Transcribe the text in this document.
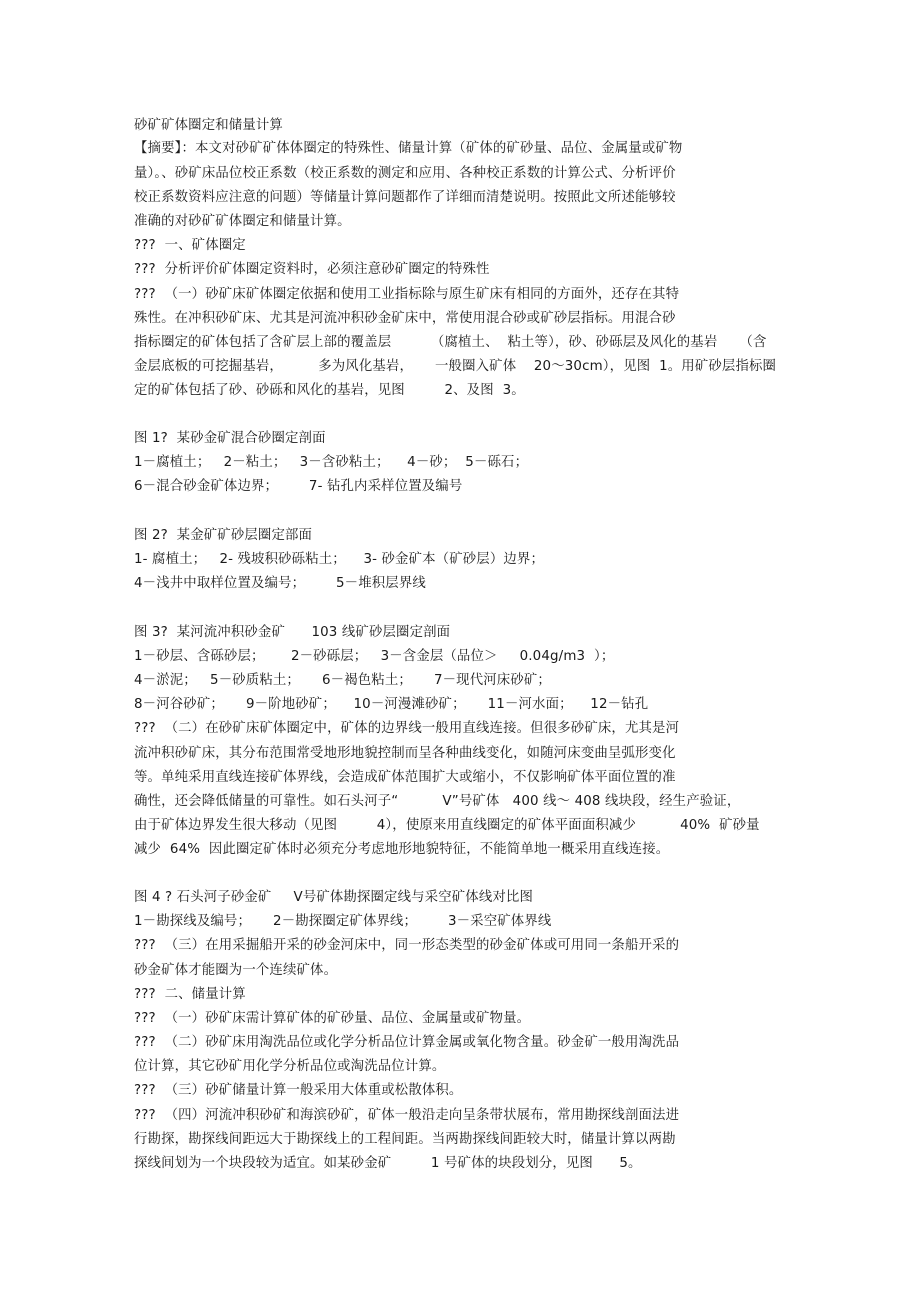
砂矿矿体圈定和储量计算
【摘要】：本文对砂矿矿体体圈定的特殊性、储量计算（矿体的矿砂量、品位、金属量或矿物
量）。、砂矿床品位校正系数（校正系数的测定和应用、各种校正系数的计算公式、分析评价
校正系数资料应注意的问题）等储量计算问题都作了详细而清楚说明。按照此文所述能够较
准确的对砂矿矿体圈定和储量计算。
???  一、矿体圈定
???  分析评价矿体圈定资料时，必须注意砂矿圈定的特殊性
???  （一）砂矿床矿体圈定依据和使用工业指标除与原生矿床有相同的方面外，还存在其特
殊性。在冲积砂矿床、尤其是河流冲积砂金矿床中，常使用混合砂或矿砂层指标。用混合砂
指标圈定的矿体包括了含矿层上部的覆盖层         （腐植土、  粘土等），砂、砂砾层及风化的基岩     （含
金层底板的可挖掘基岩，        多为风化基岩，     一般圈入矿体    20～30cm），见图  1。用矿砂层指标圈
定的矿体包括了砂、砂砾和风化的基岩，见图         2、及图  3。
图 1?  某砂金矿混合砂圈定剖面
1－腐植土；   2－粘土；   3－含砂粘土；    4－砂；  5－砾石；
6－混合砂金矿体边界；       7- 钻孔内采样位置及编号
图 2?  某金矿矿砂层圈定部面
1- 腐植土；   2- 残坡积砂砾粘土；    3- 砂金矿本（矿砂层）边界；
4－浅井中取样位置及编号；       5－堆积层界线
图 3?  某河流冲积砂金矿      103 线矿砂层圈定剖面
1－砂层、含砾砂层；      2－砂砾层；   3－含金层（品位＞     0.04g/m3  ）；
4－淤泥；   5－砂质粘土；     6－褐色粘土；     7－现代河床砂矿；
8－河谷砂矿；     9－阶地砂矿；    10－河漫滩砂矿；     11－河水面；    12－钻孔
???  （二）在砂矿床矿体圈定中，矿体的边界线一般用直线连接。但很多砂矿床，尤其是河
流冲积砂矿床，其分布范围常受地形地貌控制而呈各种曲线变化，如随河床变曲呈弧形变化
等。单纯采用直线连接矿体界线，会造成矿体范围扩大或缩小，不仅影响矿体平面位置的准
确性，还会降低储量的可靠性。如石头河子“          V”号矿体   400 线～ 408 线块段，经生产验证，
由于矿体边界发生很大移动（见图         4），使原来用直线圈定的矿体平面面积减少          40%  矿砂量
减少  64%  因此圈定矿体时必须充分考虑地形地貌特征，不能简单地一概采用直线连接。
图 4 ? 石头河子砂金矿     V号矿体勘探圈定线与采空矿体线对比图
1－勘探线及编号；     2－勘探圈定矿体界线；       3－采空矿体界线
???  （三）在用采掘船开采的砂金河床中，同一形态类型的砂金矿体或可用同一条船开采的
砂金矿体才能圈为一个连续矿体。
???  二、储量计算
???  （一）砂矿床需计算矿体的矿砂量、品位、金属量或矿物量。
???  （二）砂矿床用淘洗品位或化学分析品位计算金属或氧化物含量。砂金矿一般用淘洗品
位计算，其它砂矿用化学分析品位或淘洗品位计算。
???  （三）砂矿储量计算一般采用大体重或松散体积。
???  （四）河流冲积砂矿和海滨砂矿，矿体一般沿走向呈条带状展布，常用勘探线剖面法进
行勘探，勘探线间距远大于勘探线上的工程间距。当两勘探线间距较大时，储量计算以两勘
探线间划为一个块段较为适宜。如某砂金矿         1 号矿体的块段划分，见图      5。
